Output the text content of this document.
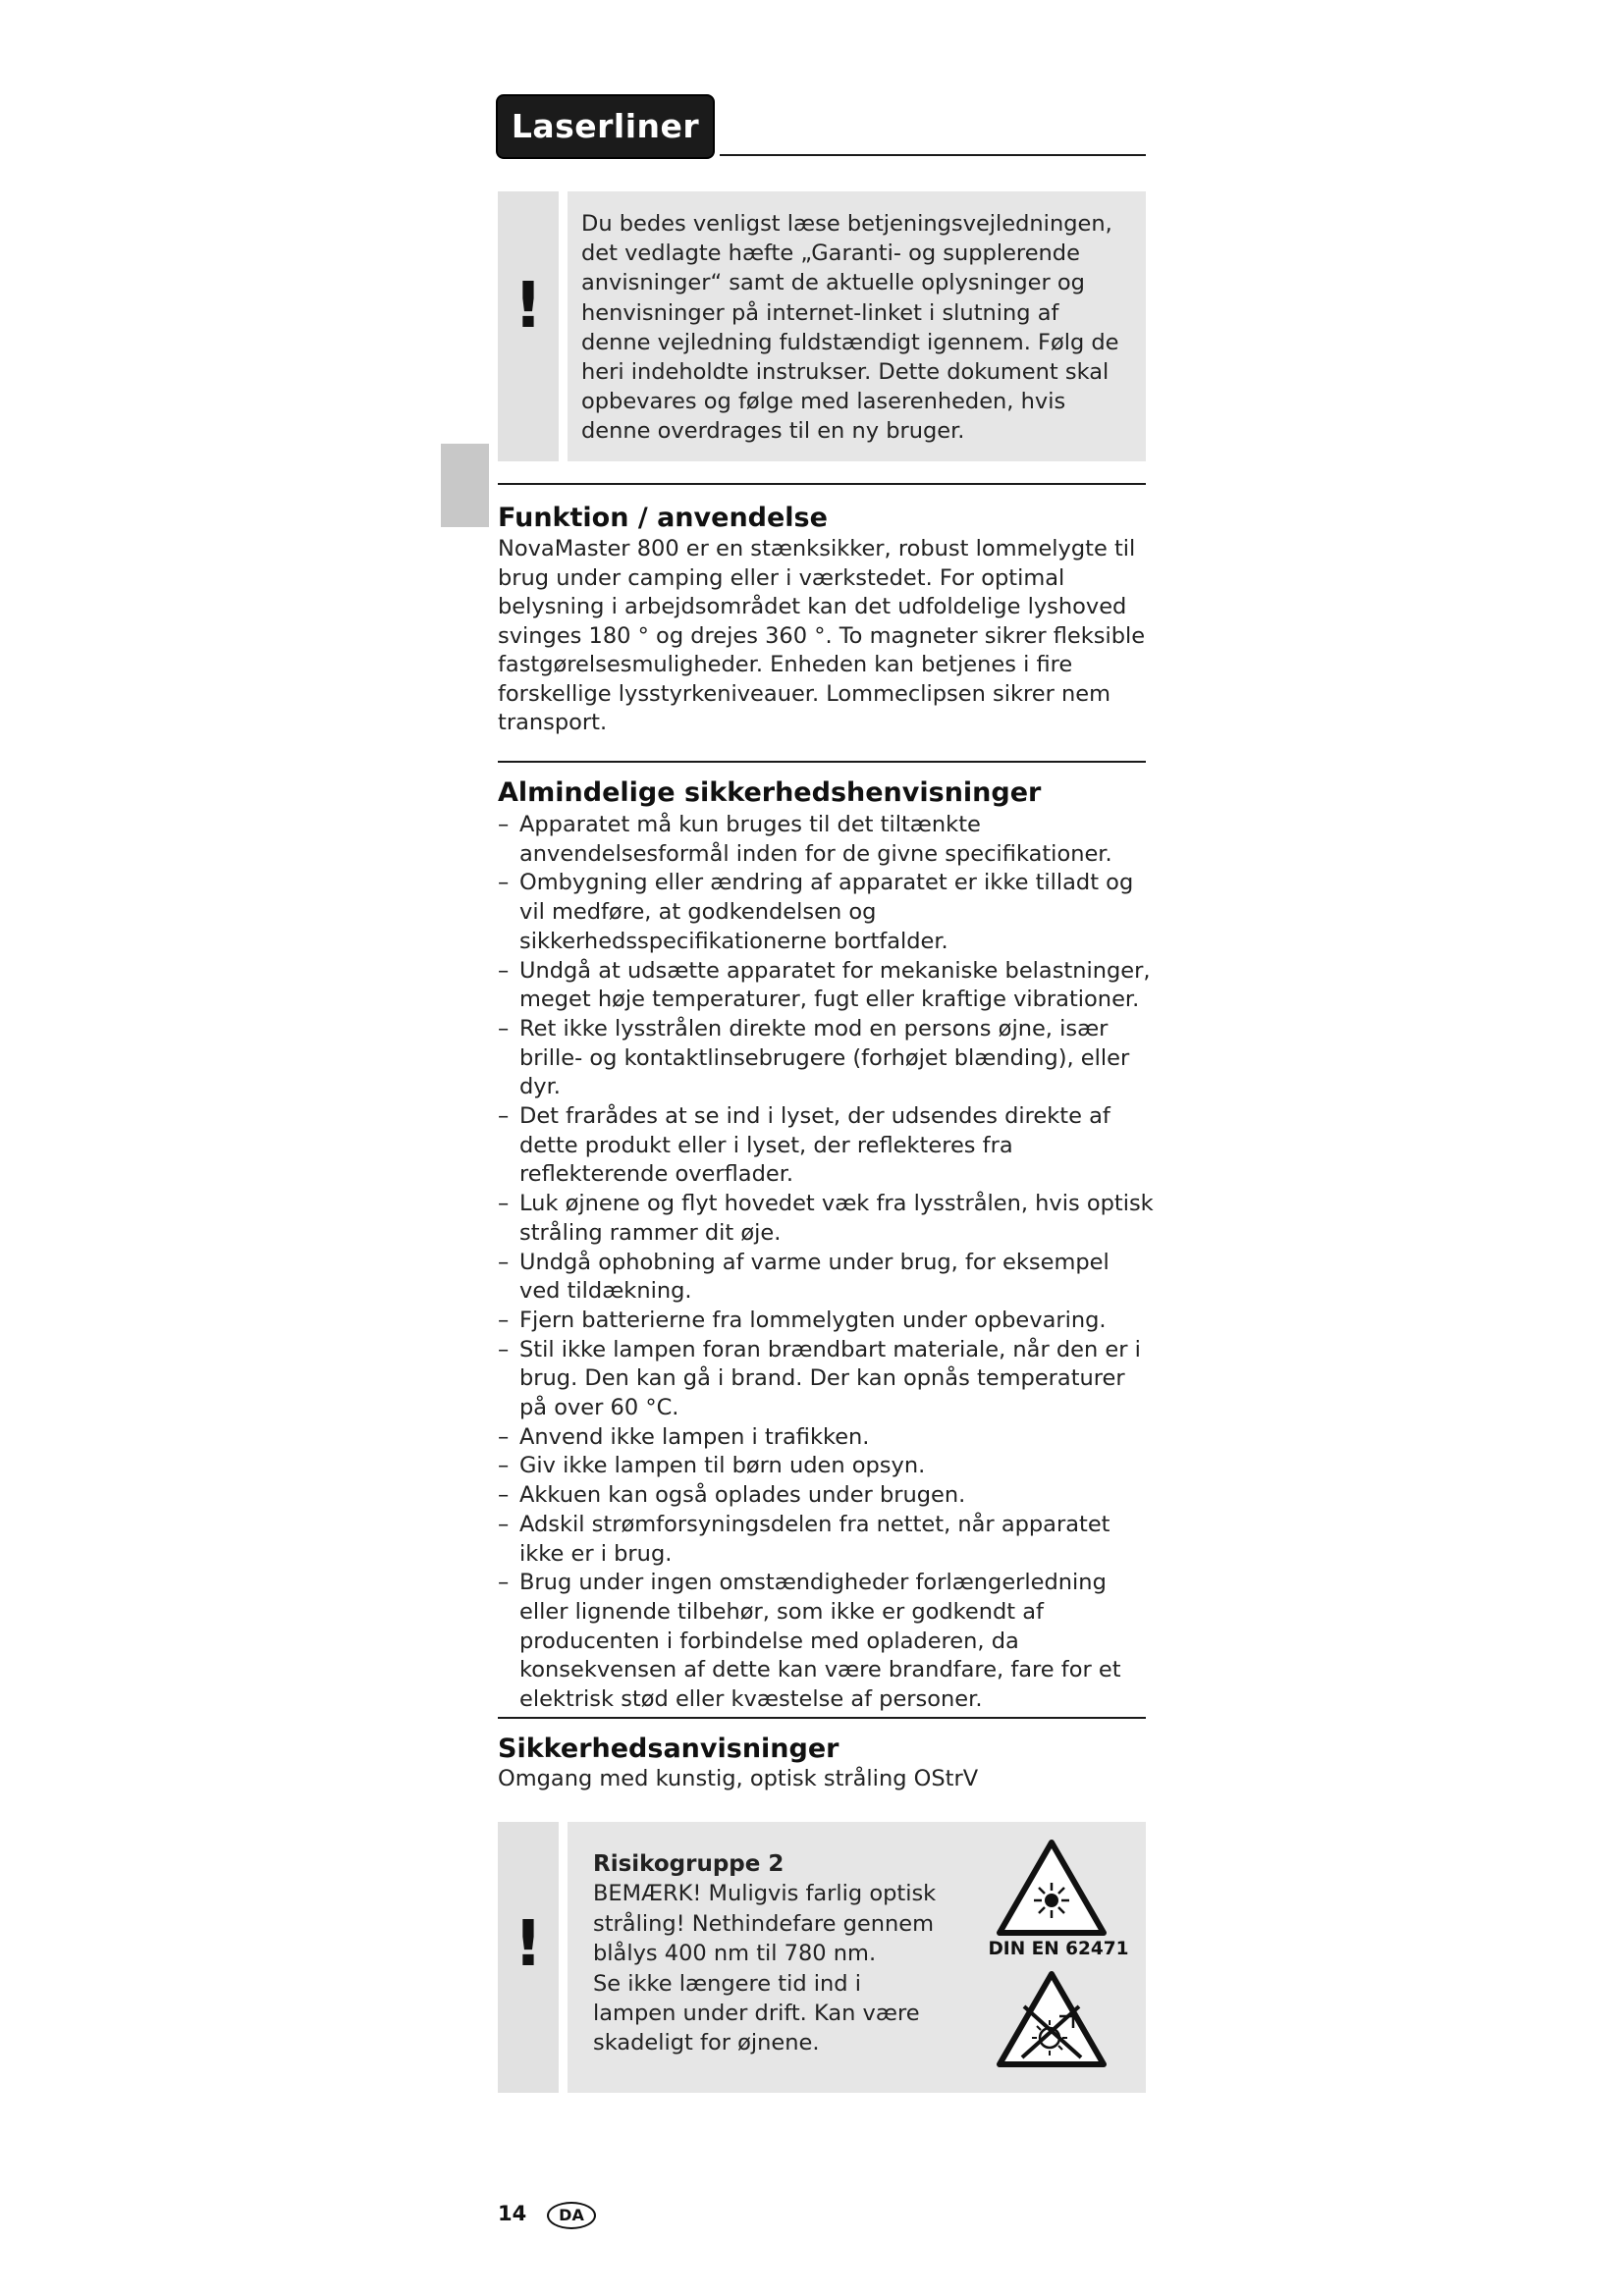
Laserliner
!
Du bedes venligst læse betjeningsvejledningen, det vedlagte hæfte „Garanti- og supplerende anvisninger“ samt de aktuelle oplysninger og henvisninger på internet-linket i slutning af denne vejledning fuldstændigt igennem. Følg de heri indeholdte instrukser. Dette dokument skal opbevares og følge med laserenheden, hvis denne overdrages til en ny bruger.
Funktion / anvendelse
NovaMaster 800 er en stænksikker, robust lommelygte til brug under camping eller i værkstedet. For optimal belysning i arbejdsområdet kan det udfoldelige lyshoved svinges 180 ° og drejes 360 °. To magneter sikrer fleksible fastgørelsesmuligheder. Enheden kan betjenes i fire forskellige lysstyrkeniveauer. Lommeclipsen sikrer nem transport.
Almindelige sikkerhedshenvisninger
– Apparatet må kun bruges til det tiltænkte anvendelsesformål inden for de givne specifikationer.
– Ombygning eller ændring af apparatet er ikke tilladt og vil medføre, at godkendelsen og sikkerhedsspecifikationerne bortfalder.
– Undgå at udsætte apparatet for mekaniske belastninger, meget høje temperaturer, fugt eller kraftige vibrationer.
– Ret ikke lysstrålen direkte mod en persons øjne, især brille- og kontaktlinsebrugere (forhøjet blænding), eller dyr.
– Det frarådes at se ind i lyset, der udsendes direkte af dette produkt eller i lyset, der reflekteres fra reflekterende overflader.
– Luk øjnene og flyt hovedet væk fra lysstrålen, hvis optisk stråling rammer dit øje.
– Undgå ophobning af varme under brug, for eksempel ved tildækning.
– Fjern batterierne fra lommelygten under opbevaring.
– Stil ikke lampen foran brændbart materiale, når den er i brug. Den kan gå i brand. Der kan opnås temperaturer på over 60 °C.
– Anvend ikke lampen i trafikken.
– Giv ikke lampen til børn uden opsyn.
– Akkuen kan også oplades under brugen.
– Adskil strømforsyningsdelen fra nettet, når apparatet ikke er i brug.
– Brug under ingen omstændigheder forlængerledning eller lignende tilbehør, som ikke er godkendt af producenten i forbindelse med opladeren, da konsekvensen af dette kan være brandfare, fare for et elektrisk stød eller kvæstelse af personer.
Sikkerhedsanvisninger
Omgang med kunstig, optisk stråling OStrV
!
Risikogruppe 2
BEMÆRK! Muligvis farlig optisk stråling! Nethindefare gennem blålys 400 nm til 780 nm.
Se ikke længere tid ind i lampen under drift. Kan være skadeligt for øjnene.
DIN EN 62471
14	DA
